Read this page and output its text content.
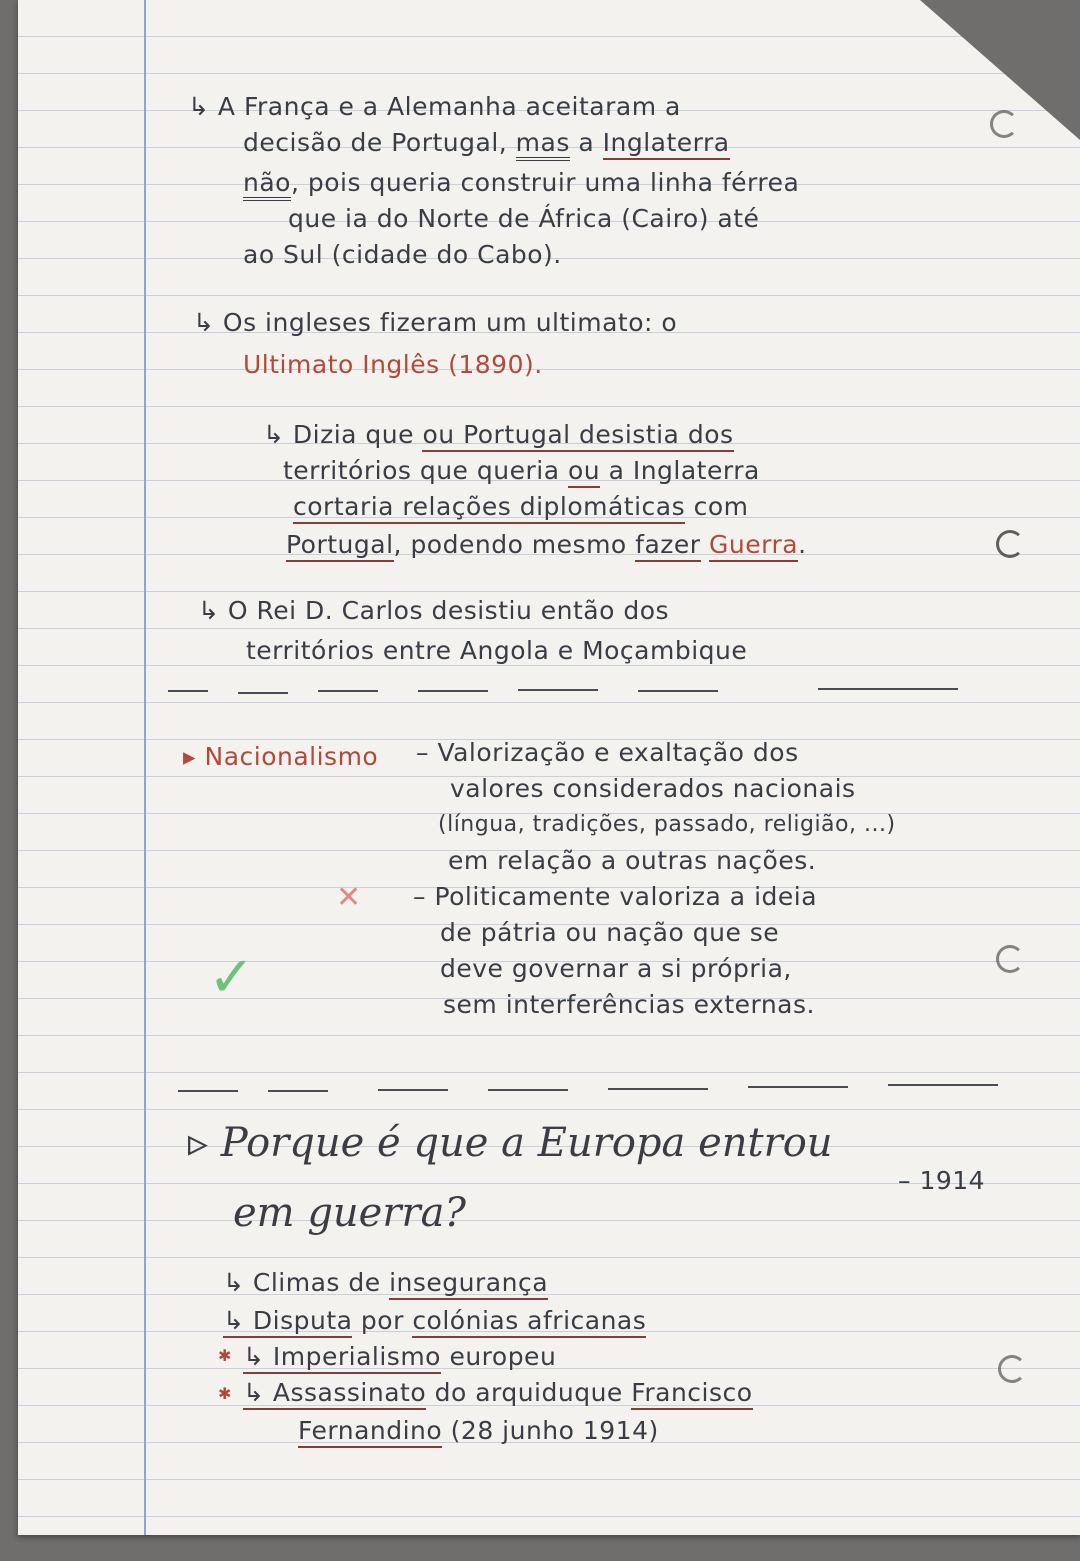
↳ A França e a Alemanha aceitaram a
decisão de Portugal, mas a Inglaterra
não, pois queria construir uma linha férrea
que ia do Norte de África (Cairo) até
ao Sul (cidade do Cabo).
↳ Os ingleses fizeram um ultimato: o
Ultimato Inglês (1890).
↳ Dizia que ou Portugal desistia dos
territórios que queria ou a Inglaterra
cortaria relações diplomáticas com
Portugal, podendo mesmo fazer Guerra.
↳ O Rei D. Carlos desistiu então dos
territórios entre Angola e Moçambique
▸ Nacionalismo – Valorização e exaltação dos
valores considerados nacionais
(língua, tradições, passado, religião, ...)
em relação a outras nações.
– Politicamente valoriza a ideia
de pátria ou nação que se
deve governar a si própria,
sem interferências externas.
✕
✓
▹ Porque é que a Europa entrou
em guerra?
– 1914
↳ Climas de insegurança
↳ Disputa por colónias africanas
✱ ↳ Imperialismo europeu
✱ ↳ Assassinato do arquiduque Francisco
Fernandino (28 junho 1914)
